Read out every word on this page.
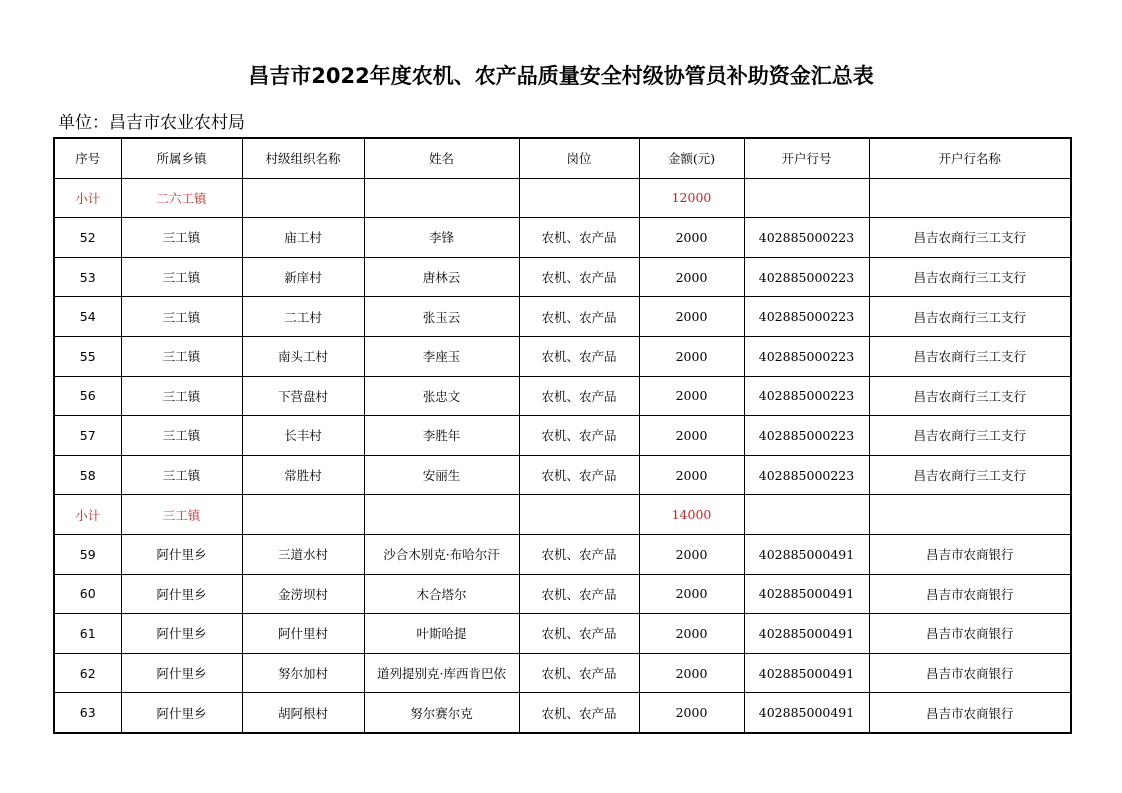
昌吉市2022年度农机、农产品质量安全村级协管员补助资金汇总表
单位：昌吉市农业农村局
序号	所属乡镇	村级组织名称	姓名	岗位	金额(元)	开户行号	开户行名称
小计	二六工镇				12000		
52	三工镇	庙工村	李锋	农机、农产品	2000	402885000223	昌吉农商行三工支行
53	三工镇	新庠村	唐林云	农机、农产品	2000	402885000223	昌吉农商行三工支行
54	三工镇	二工村	张玉云	农机、农产品	2000	402885000223	昌吉农商行三工支行
55	三工镇	南头工村	李座玉	农机、农产品	2000	402885000223	昌吉农商行三工支行
56	三工镇	下营盘村	张忠文	农机、农产品	2000	402885000223	昌吉农商行三工支行
57	三工镇	长丰村	李胜年	农机、农产品	2000	402885000223	昌吉农商行三工支行
58	三工镇	常胜村	安丽生	农机、农产品	2000	402885000223	昌吉农商行三工支行
小计	三工镇				14000		
59	阿什里乡	三道水村	沙合木别克·布哈尔汗	农机、农产品	2000	402885000491	昌吉市农商银行
60	阿什里乡	金涝坝村	木合塔尔	农机、农产品	2000	402885000491	昌吉市农商银行
61	阿什里乡	阿什里村	叶斯哈提	农机、农产品	2000	402885000491	昌吉市农商银行
62	阿什里乡	努尔加村	道列提别克·库西肯巴依	农机、农产品	2000	402885000491	昌吉市农商银行
63	阿什里乡	胡阿根村	努尔赛尔克	农机、农产品	2000	402885000491	昌吉市农商银行
